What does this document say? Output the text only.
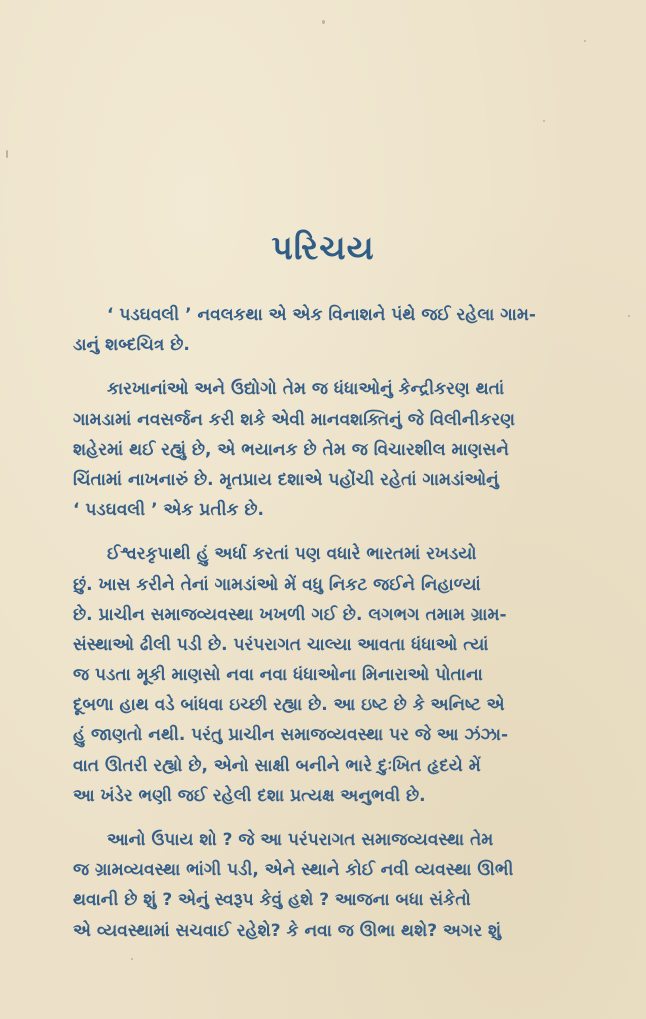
પરિચય
‘ પડઘવલી ’ નવલકથા એ એક વિનાશને પંથે જઈ રહેલા ગામ-
ડાનું શબ્દચિત્ર છે.
કારખાનાંઓ અને ઉદ્યોગો તેમ જ ધંધાઓનું કેન્દ્રીકરણ થતાં
ગામડામાં નવસર્જન કરી શકે એવી માનવશક્તિનું જે વિલીનીકરણ
શહેરમાં થઈ રહ્યું છે, એ ભયાનક છે તેમ જ વિચારશીલ માણસને
ચિંતામાં નાખનારું છે. મૃતપ્રાય દશાએ પહોંચી રહેતાં ગામડાંઓનું
‘ પડઘવલી ’ એક પ્રતીક છે.
ઈશ્વરકૃપાથી હું અર્ધા કરતાં પણ વધારે ભારતમાં રખડયો
છું. ખાસ કરીને તેનાં ગામડાંઓ મેં વધુ નિકટ જઈને નિહાળ્યાં
છે. પ્રાચીન સમાજવ્યવસ્થા ખખળી ગઈ છે. લગભગ તમામ ગ્રામ-
સંસ્થાઓ ઢીલી પડી છે. પરંપરાગત ચાલ્યા આવતા ધંધાઓ ત્યાં
જ પડતા મૂકી માણસો નવા નવા ધંધાઓના મિનારાઓ પોતાના
દૂબળા હાથ વડે બાંધવા ઇચ્છી રહ્યા છે. આ ઇષ્ટ છે કે અનિષ્ટ એ
હું જાણતો નથી. પરંતુ પ્રાચીન સમાજવ્યવસ્થા પર જે આ ઝંઝા-
વાત ઊતરી રહ્યો છે, એનો સાક્ષી બનીને ભારે દુઃખિત હૃદયે મેં
આ ખંડેર ભણી જઈ રહેલી દશા પ્રત્યક્ષ અનુભવી છે.
આનો ઉપાય શો ? જે આ પરંપરાગત સમાજવ્યવસ્થા તેમ
જ ગ્રામવ્યવસ્થા ભાંગી પડી, એને સ્થાને કોઈ નવી વ્યવસ્થા ઊભી
થવાની છે શું ? એનું સ્વરૂપ કેવું હશે ? આજના બધા સંકેતો
એ વ્યવસ્થામાં સચવાઈ રહેશે? કે નવા જ ઊભા થશે? અગર શું
